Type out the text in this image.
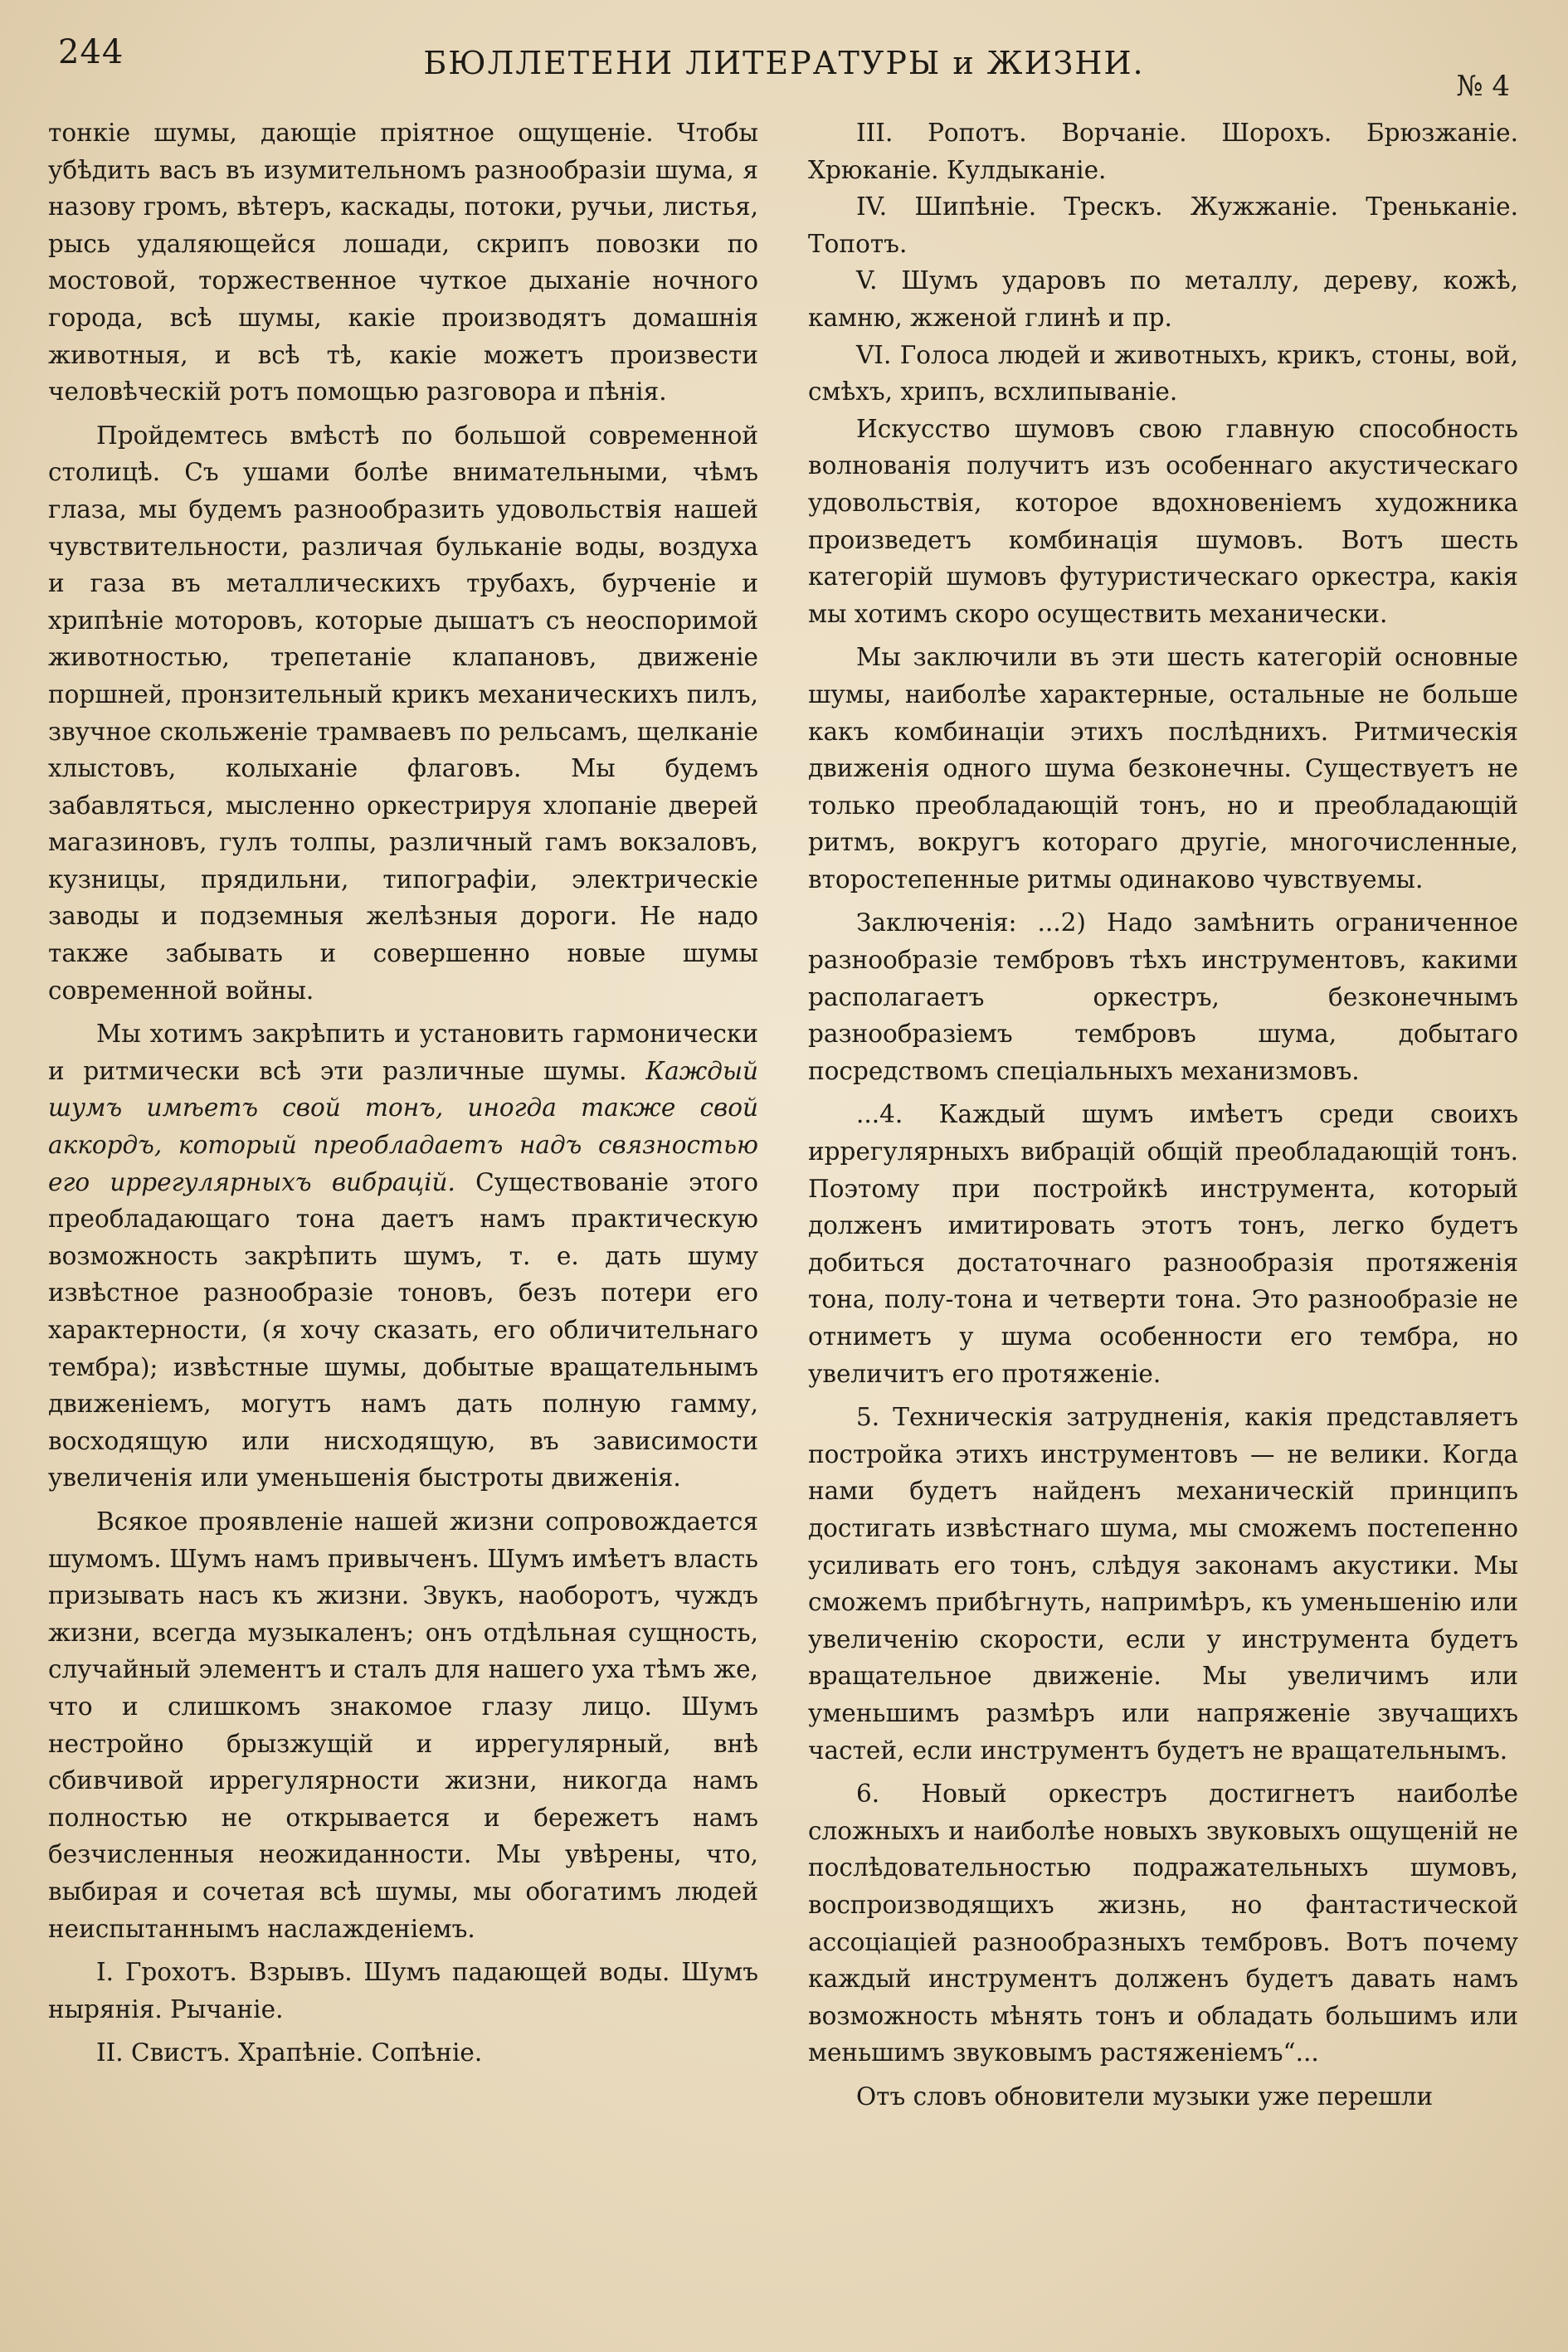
244	БЮЛЛЕТЕНИ ЛИТЕРАТУРЫ и ЖИЗНИ.
№ 4

тонкіе шумы, дающіе пріятное ощущеніе. Чтобы убѣдить васъ въ изумительномъ разнообразіи шума, я назову громъ, вѣтеръ, каскады, потоки, ручьи, листья, рысь удаляющейся лошади, скрипъ повозки по мостовой, торжественное чуткое дыханіе ночного города, всѣ шумы, какіе производятъ домашнія животныя, и всѣ тѣ, какіе можетъ произвести человѣческій ротъ помощью разговора и пѣнія.

Пройдемтесь вмѣстѣ по большой современной столицѣ. Съ ушами болѣе внимательными, чѣмъ глаза, мы будемъ разнообразить удовольствія нашей чувствительности, различая бульканіе воды, воздуха и газа въ металлическихъ трубахъ, бурченіе и хрипѣніе моторовъ, которые дышатъ съ неоспоримой животностью, трепетаніе клапановъ, движеніе поршней, пронзительный крикъ механическихъ пилъ, звучное скольженіе трамваевъ по рельсамъ, щелканіе хлыстовъ, колыханіе флаговъ. Мы будемъ забавляться, мысленно оркестрируя хлопаніе дверей магазиновъ, гулъ толпы, различный гамъ вокзаловъ, кузницы, прядильни, типографіи, электрическіе заводы и подземныя желѣзныя дороги. Не надо также забывать и совершенно новые шумы современной войны.

Мы хотимъ закрѣпить и установить гармонически и ритмически всѣ эти различные шумы. Каждый шумъ имѣетъ свой тонъ, иногда также свой аккордъ, который преобладаетъ надъ связностью его иррегулярныхъ вибрацій. Существованіе этого преобладающаго тона даетъ намъ практическую возможность закрѣпить шумъ, т. е. дать шуму извѣстное разнообразіе тоновъ, безъ потери его характерности, (я хочу сказать, его обличительнаго тембра); извѣстные шумы, добытые вращательнымъ движеніемъ, могутъ намъ дать полную гамму, восходящую или нисходящую, въ зависимости увеличенія или уменьшенія быстроты движенія.

Всякое проявленіе нашей жизни сопровождается шумомъ. Шумъ намъ привыченъ. Шумъ имѣетъ власть призывать насъ къ жизни. Звукъ, наоборотъ, чуждъ жизни, всегда музыкаленъ; онъ отдѣльная сущность, случайный элементъ и сталъ для нашего уха тѣмъ же, что и слишкомъ знакомое глазу лицо. Шумъ нестройно брызжущій и иррегулярный, внѣ сбивчивой иррегулярности жизни, никогда намъ полностью не открывается и бережетъ намъ безчисленныя неожиданности. Мы увѣрены, что, выбирая и сочетая всѣ шумы, мы обогатимъ людей неиспытаннымъ наслажденіемъ.

I. Грохотъ. Взрывъ. Шумъ падающей воды. Шумъ нырянія. Рычаніе.

II. Свистъ. Храпѣніе. Сопѣніе.

III. Ропотъ. Ворчаніе. Шорохъ. Брюзжаніе. Хрюканіе. Кулдыканіе.

IV. Шипѣніе. Трескъ. Жужжаніе. Треньканіе. Топотъ.

V. Шумъ ударовъ по металлу, дереву, кожѣ, камню, жженой глинѣ и пр.

VI. Голоса людей и животныхъ, крикъ, стоны, вой, смѣхъ, хрипъ, всхлипываніе.

Искусство шумовъ свою главную способность волнованія получитъ изъ особеннаго акустическаго удовольствія, которое вдохновеніемъ художника произведетъ комбинація шумовъ. Вотъ шесть категорій шумовъ футуристическаго оркестра, какія мы хотимъ скоро осуществить механически.

Мы заключили въ эти шесть категорій основные шумы, наиболѣе характерные, остальные не больше какъ комбинаціи этихъ послѣднихъ. Ритмическія движенія одного шума безконечны. Существуетъ не только преобладающій тонъ, но и преобладающій ритмъ, вокругъ котораго другіе, многочисленные, второстепенные ритмы одинаково чувствуемы.

Заключенія: ...2) Надо замѣнить ограниченное разнообразіе тембровъ тѣхъ инструментовъ, какими располагаетъ оркестръ, безконечнымъ разнообразіемъ тембровъ шума, добытаго посредствомъ спеціальныхъ механизмовъ.

...4. Каждый шумъ имѣетъ среди своихъ иррегулярныхъ вибрацій общій преобладающій тонъ. Поэтому при постройкѣ инструмента, который долженъ имитировать этотъ тонъ, легко будетъ добиться достаточнаго разнообразія протяженія тона, полу-тона и четверти тона. Это разнообразіе не отниметъ у шума особенности его тембра, но увеличитъ его протяженіе.

5. Техническія затрудненія, какія представляетъ постройка этихъ инструментовъ — не велики. Когда нами будетъ найденъ механическій принципъ достигать извѣстнаго шума, мы сможемъ постепенно усиливать его тонъ, слѣдуя законамъ акустики. Мы сможемъ прибѣгнуть, напримѣръ, къ уменьшенію или увеличенію скорости, если у инструмента будетъ вращательное движеніе. Мы увеличимъ или уменьшимъ размѣръ или напряженіе звучащихъ частей, если инструментъ будетъ не вращательнымъ.

6. Новый оркестръ достигнетъ наиболѣе сложныхъ и наиболѣе новыхъ звуковыхъ ощущеній не послѣдовательностью подражательныхъ шумовъ, воспроизводящихъ жизнь, но фантастической ассоціаціей разнообразныхъ тембровъ. Вотъ почему каждый инструментъ долженъ будетъ давать намъ возможность мѣнять тонъ и обладать большимъ или меньшимъ звуковымъ растяженіемъ“...

Отъ словъ обновители музыки уже перешли
